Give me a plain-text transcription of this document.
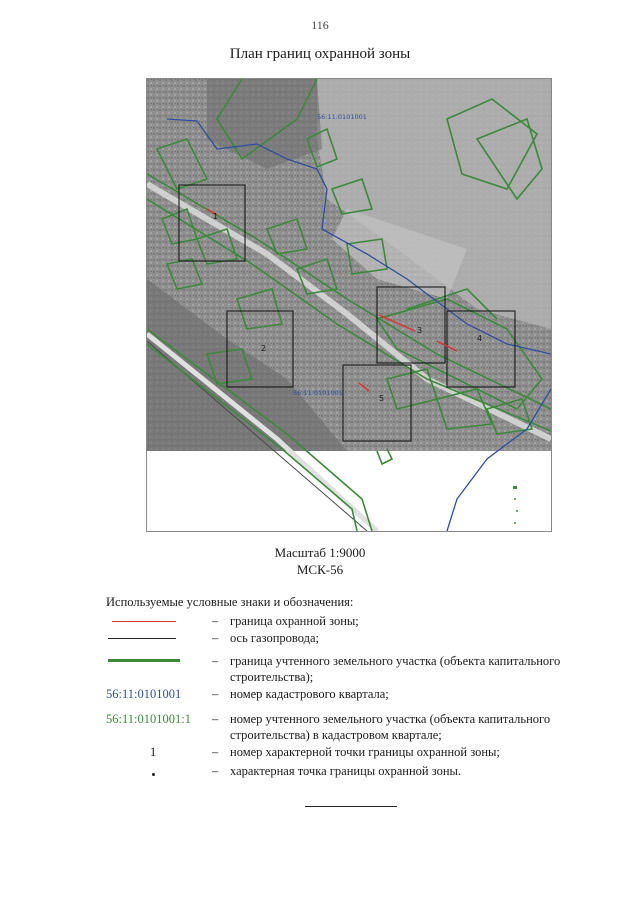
116
План границ охранной зоны
2
3
4
5
1
56:11:0101001
56:11:0101001
Масштаб 1:9000
МСК-56
Используемые условные знаки и обозначения:
– граница охранной зоны;
– ось газопровода;
– граница учтенного земельного участка (объекта капитального строительства);
56:11:0101001	– номер кадастрового квартала;
56:11:0101001:1 – номер учтенного земельного участка (объекта капитального строительства) в кадастровом квартале;
1	– номер характерной точки границы охранной зоны;
– характерная точка границы охранной зоны.
